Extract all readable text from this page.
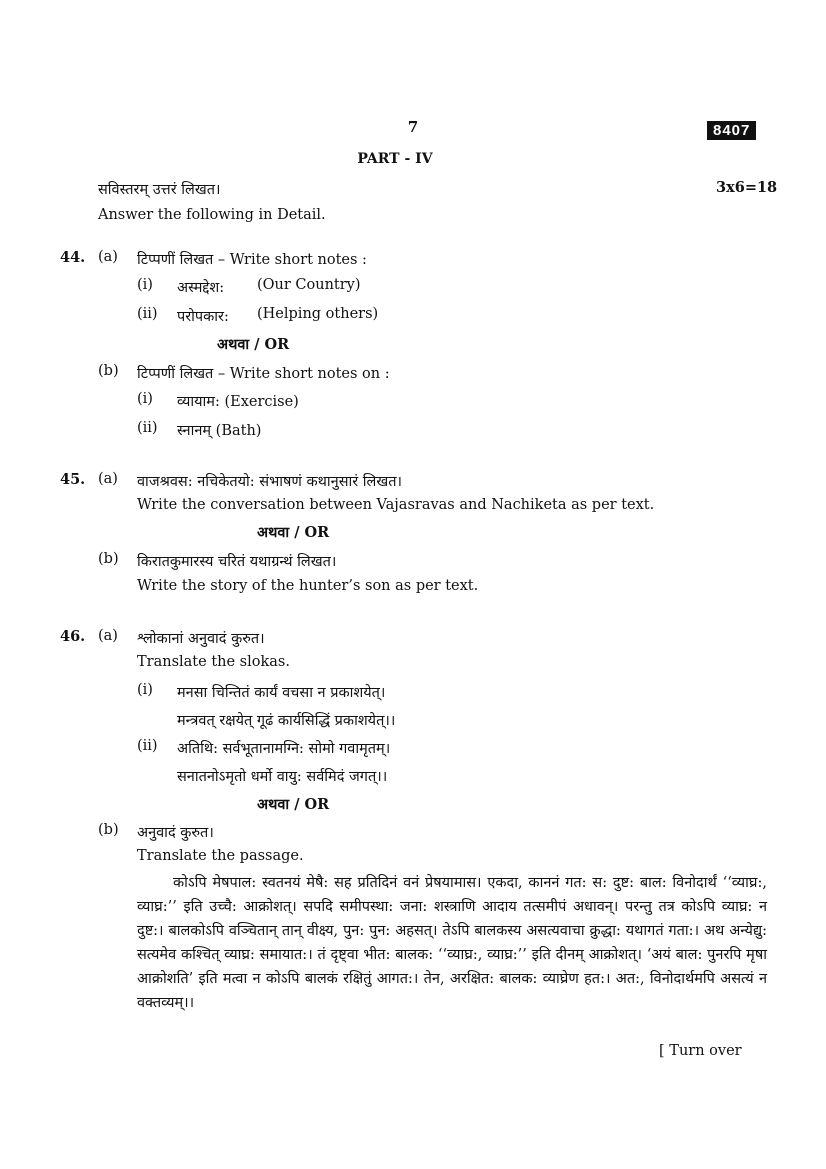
7	8407
PART - IV
सविस्तरम् उत्तरं लिखत।	3x6=18
Answer the following in Detail.
44. (a) टिप्पणीं लिखत – Write short notes :
(i) अस्मद्देश: (Our Country)
(ii) परोपकार: (Helping others)
अथवा / OR
(b) टिप्पणीं लिखत – Write short notes on :
(i) व्यायाम: (Exercise)
(ii) स्नानम् (Bath)
45. (a) वाजश्रवस: नचिकेतयो: संभाषणं कथानुसारं लिखत।
Write the conversation between Vajasravas and Nachiketa as per text.
अथवा / OR
(b) किरातकुमारस्य चरितं यथाग्रन्थं लिखत।
Write the story of the hunter’s son as per text.
46. (a) श्लोकानां अनुवादं कुरुत।
Translate the slokas.
(i) मनसा चिन्तितं कार्यं वचसा न प्रकाशयेत्।
मन्त्रवत् रक्षयेत् गूढं कार्यसिद्धिं प्रकाशयेत्।।
(ii) अतिथि: सर्वभूतानामग्नि: सोमो गवामृतम्।
सनातनोऽमृतो धर्मो वायु: सर्वमिदं जगत्।।
अथवा / OR
(b) अनुवादं कुरुत।
Translate the passage.
कोऽपि मेषपाल: स्वतनयं मेषै: सह प्रतिदिनं वनं प्रेषयामास। एकदा, काननं गत: स: दुष्ट: बाल: विनोदार्थं ‘‘व्याघ्र:, व्याघ्र:’’ इति उच्चै: आक्रोशत्। सपदि समीपस्था: जना: शस्त्राणि आदाय तत्समीपं अधावन्। परन्तु तत्र कोऽपि व्याघ्र: न दुष्ट:। बालकोऽपि वञ्चितान् तान् वीक्ष्य, पुन: पुन: अहसत्। तेऽपि बालकस्य असत्यवाचा क्रुद्धा: यथागतं गता:। अथ अन्येद्यु: सत्यमेव कश्चित् व्याघ्र: समायात:। तं दृष्ट्वा भीत: बालक: ‘‘व्याघ्र:, व्याघ्र:’’ इति दीनम् आक्रोशत्। ‘अयं बाल: पुनरपि मृषा आक्रोशति’ इति मत्वा न कोऽपि बालकं रक्षितुं आगत:। तेन, अरक्षित: बालक: व्याघ्रेण हत:। अत:, विनोदार्थमपि असत्यं न वक्तव्यम्।।
[ Turn over
